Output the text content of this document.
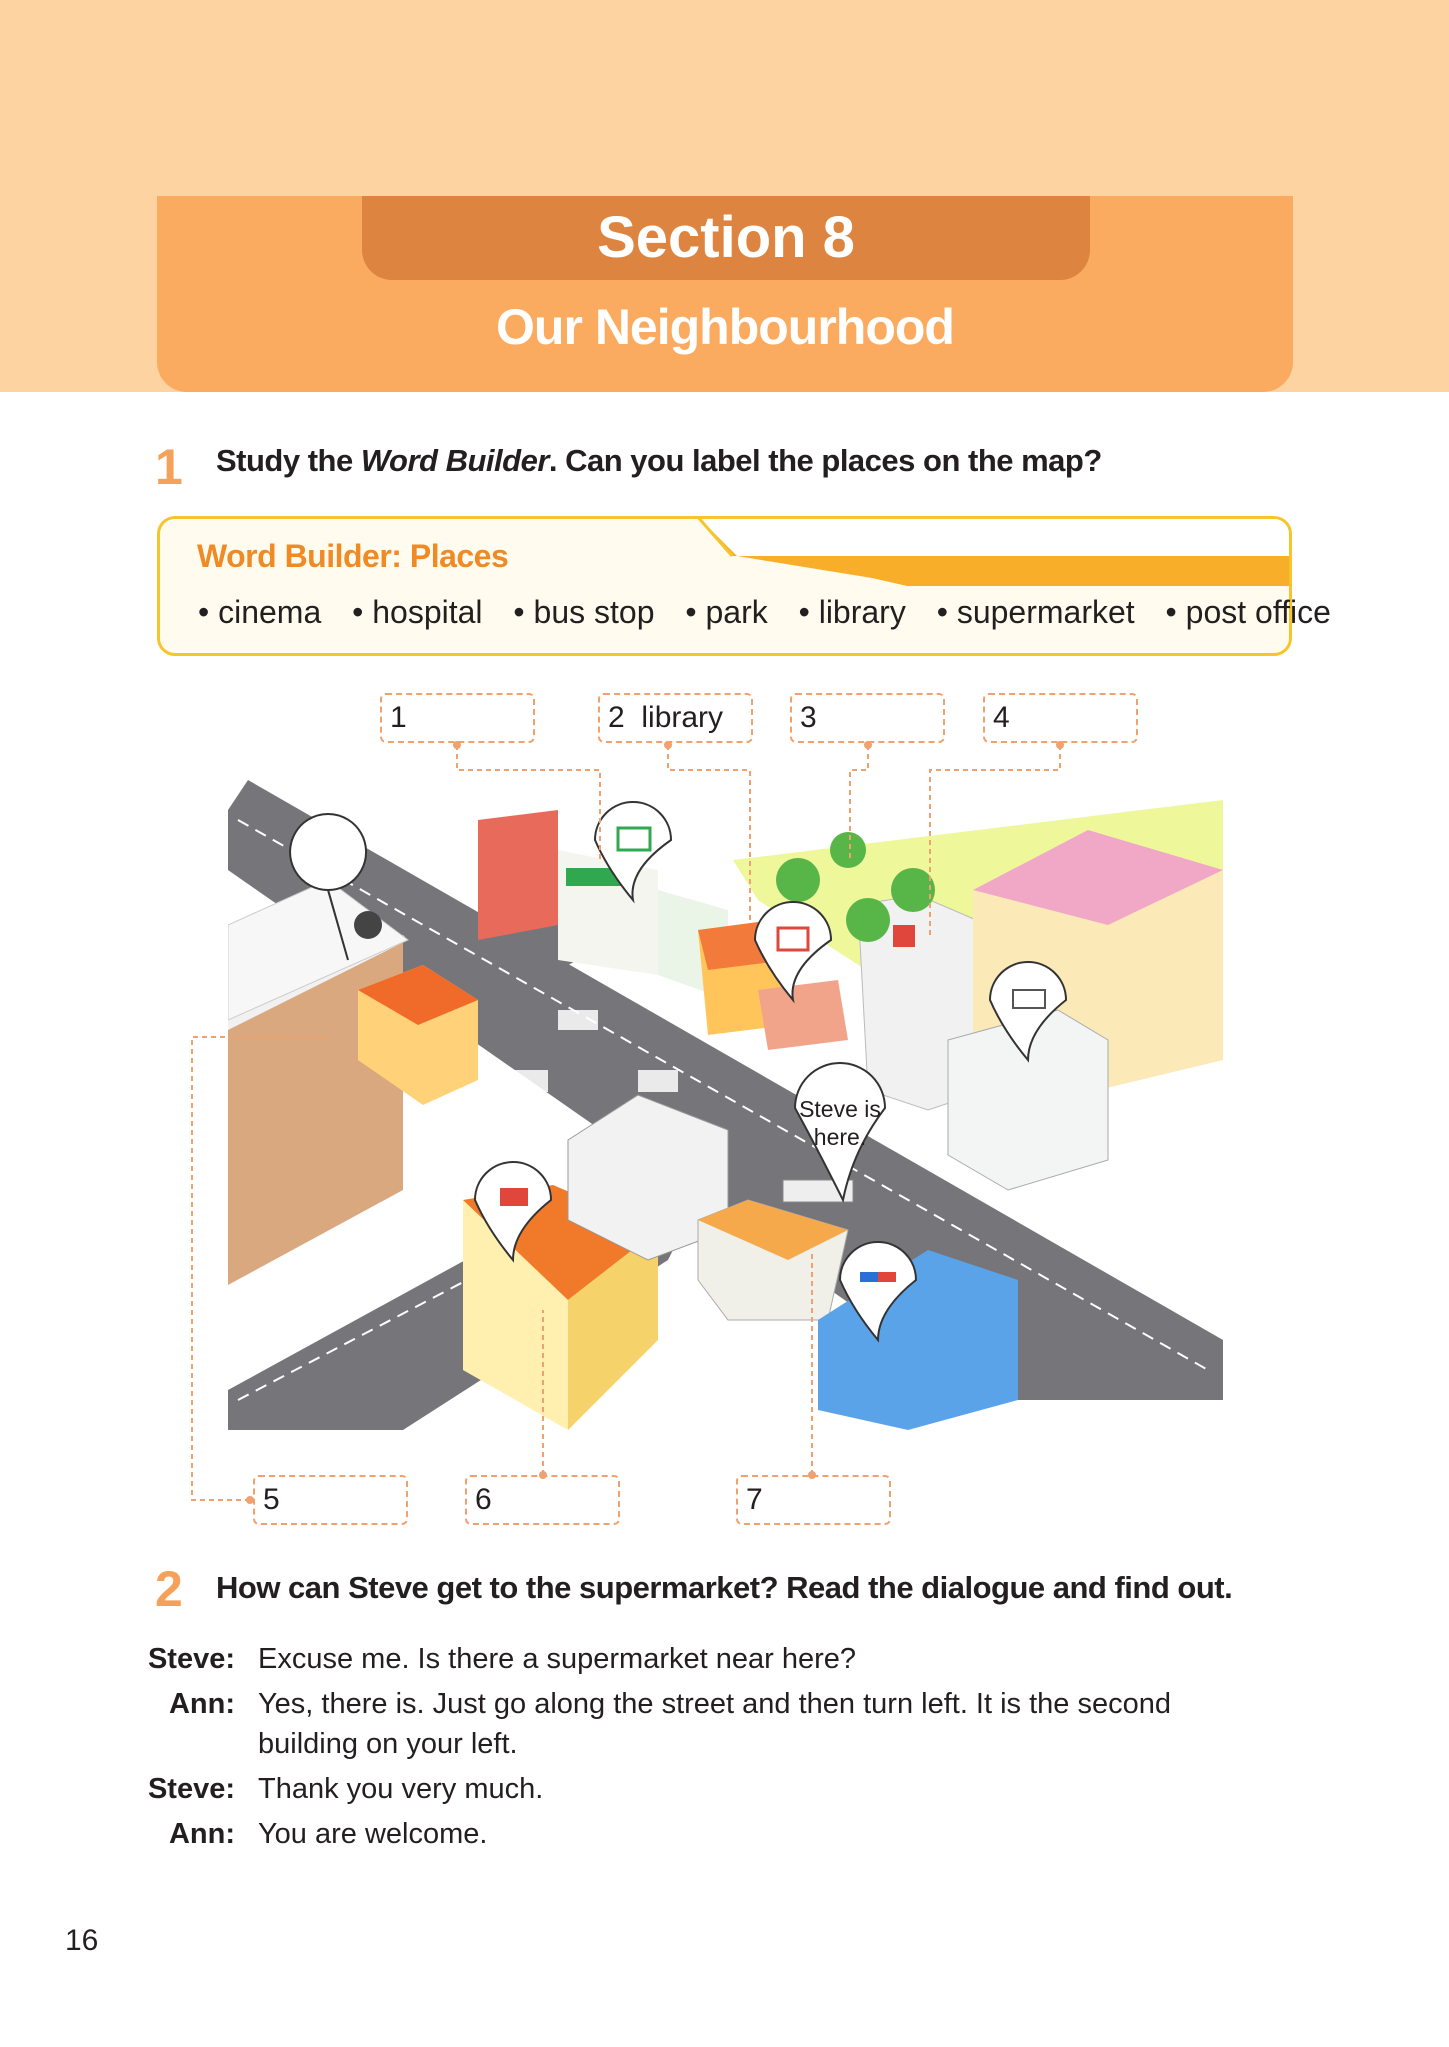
Section 8
Our Neighbourhood
1 Study the Word Builder. Can you label the places on the map?
Word Builder: Places
• cinema • hospital • bus stop • park • library • supermarket • post office
Steve is
here.
1	2 library	3	4
5	6	7
2 How can Steve get to the supermarket? Read the dialogue and find out.
Steve: Excuse me. Is there a supermarket near here?
Ann: Yes, there is. Just go along the street and then turn left. It is the second
building on your left.
Steve: Thank you very much.
Ann: You are welcome.
16
